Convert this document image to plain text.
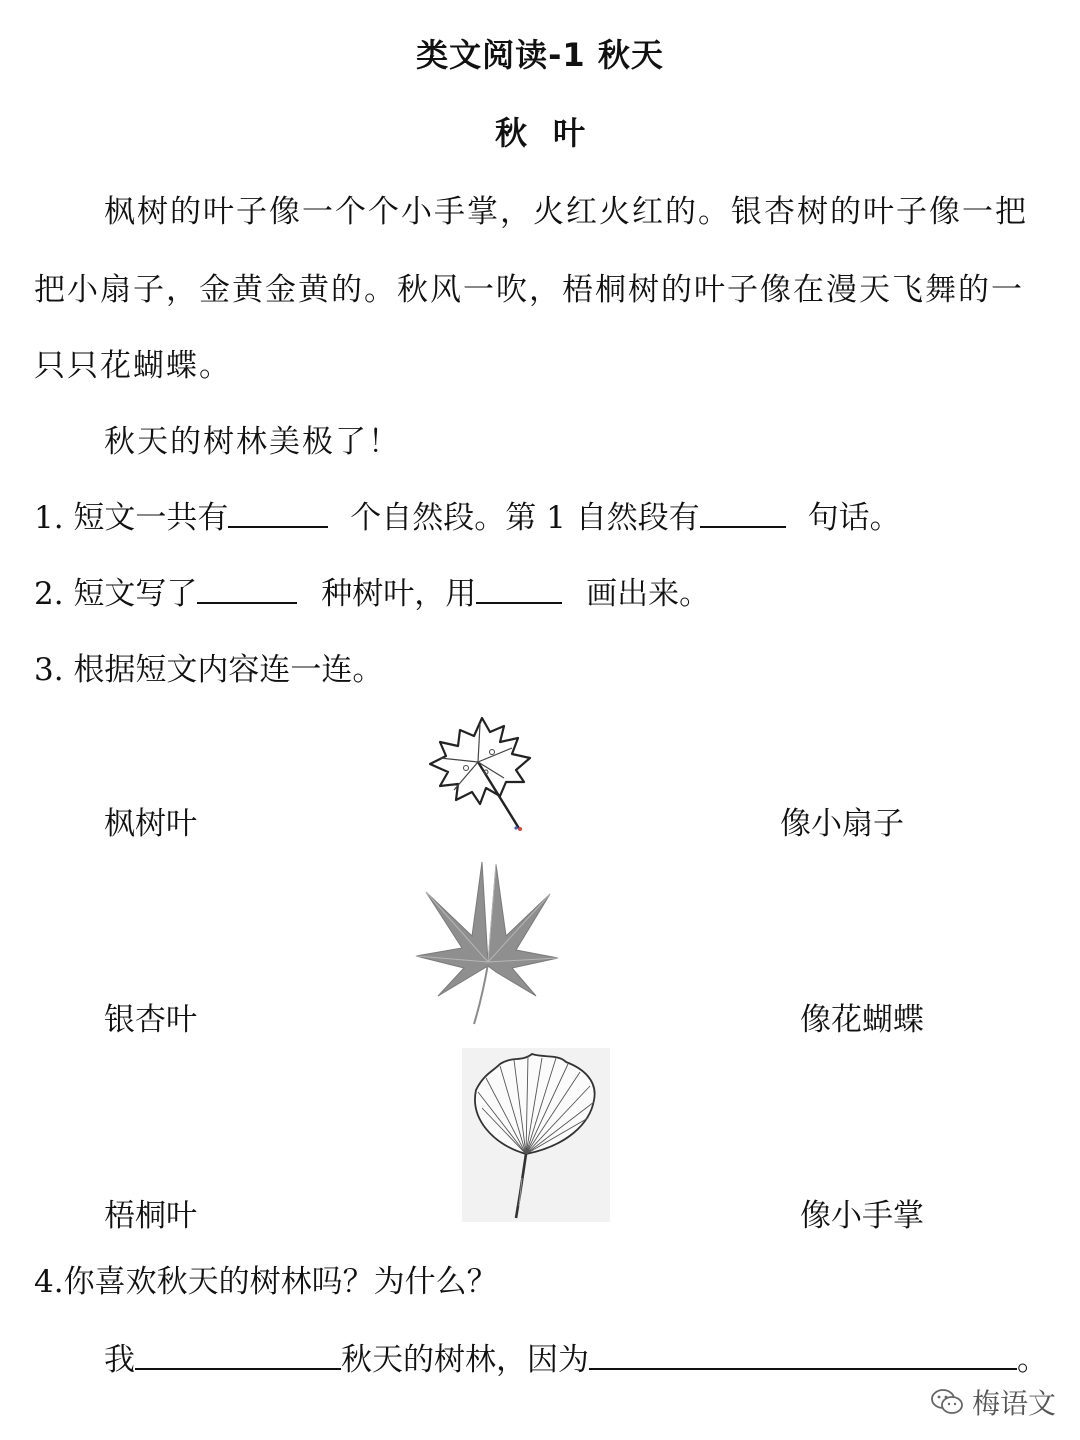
类文阅读-1 秋天
秋叶
枫树的叶子像一个个小手掌，火红火红的。银杏树的叶子像一把
把小扇子，金黄金黄的。秋风一吹，梧桐树的叶子像在漫天飞舞的一
只只花蝴蝶。
秋天的树林美极了！
1. 短文一共有	个自然段。第 1 自然段有	句话。
2. 短文写了	种树叶，用	画出来。
3. 根据短文内容连一连。
枫树叶
银杏叶
梧桐叶
像小扇子
像花蝴蝶
像小手掌
4.你喜欢秋天的树林吗？为什么？
我	秋天的树林，因为	。
梅语文
